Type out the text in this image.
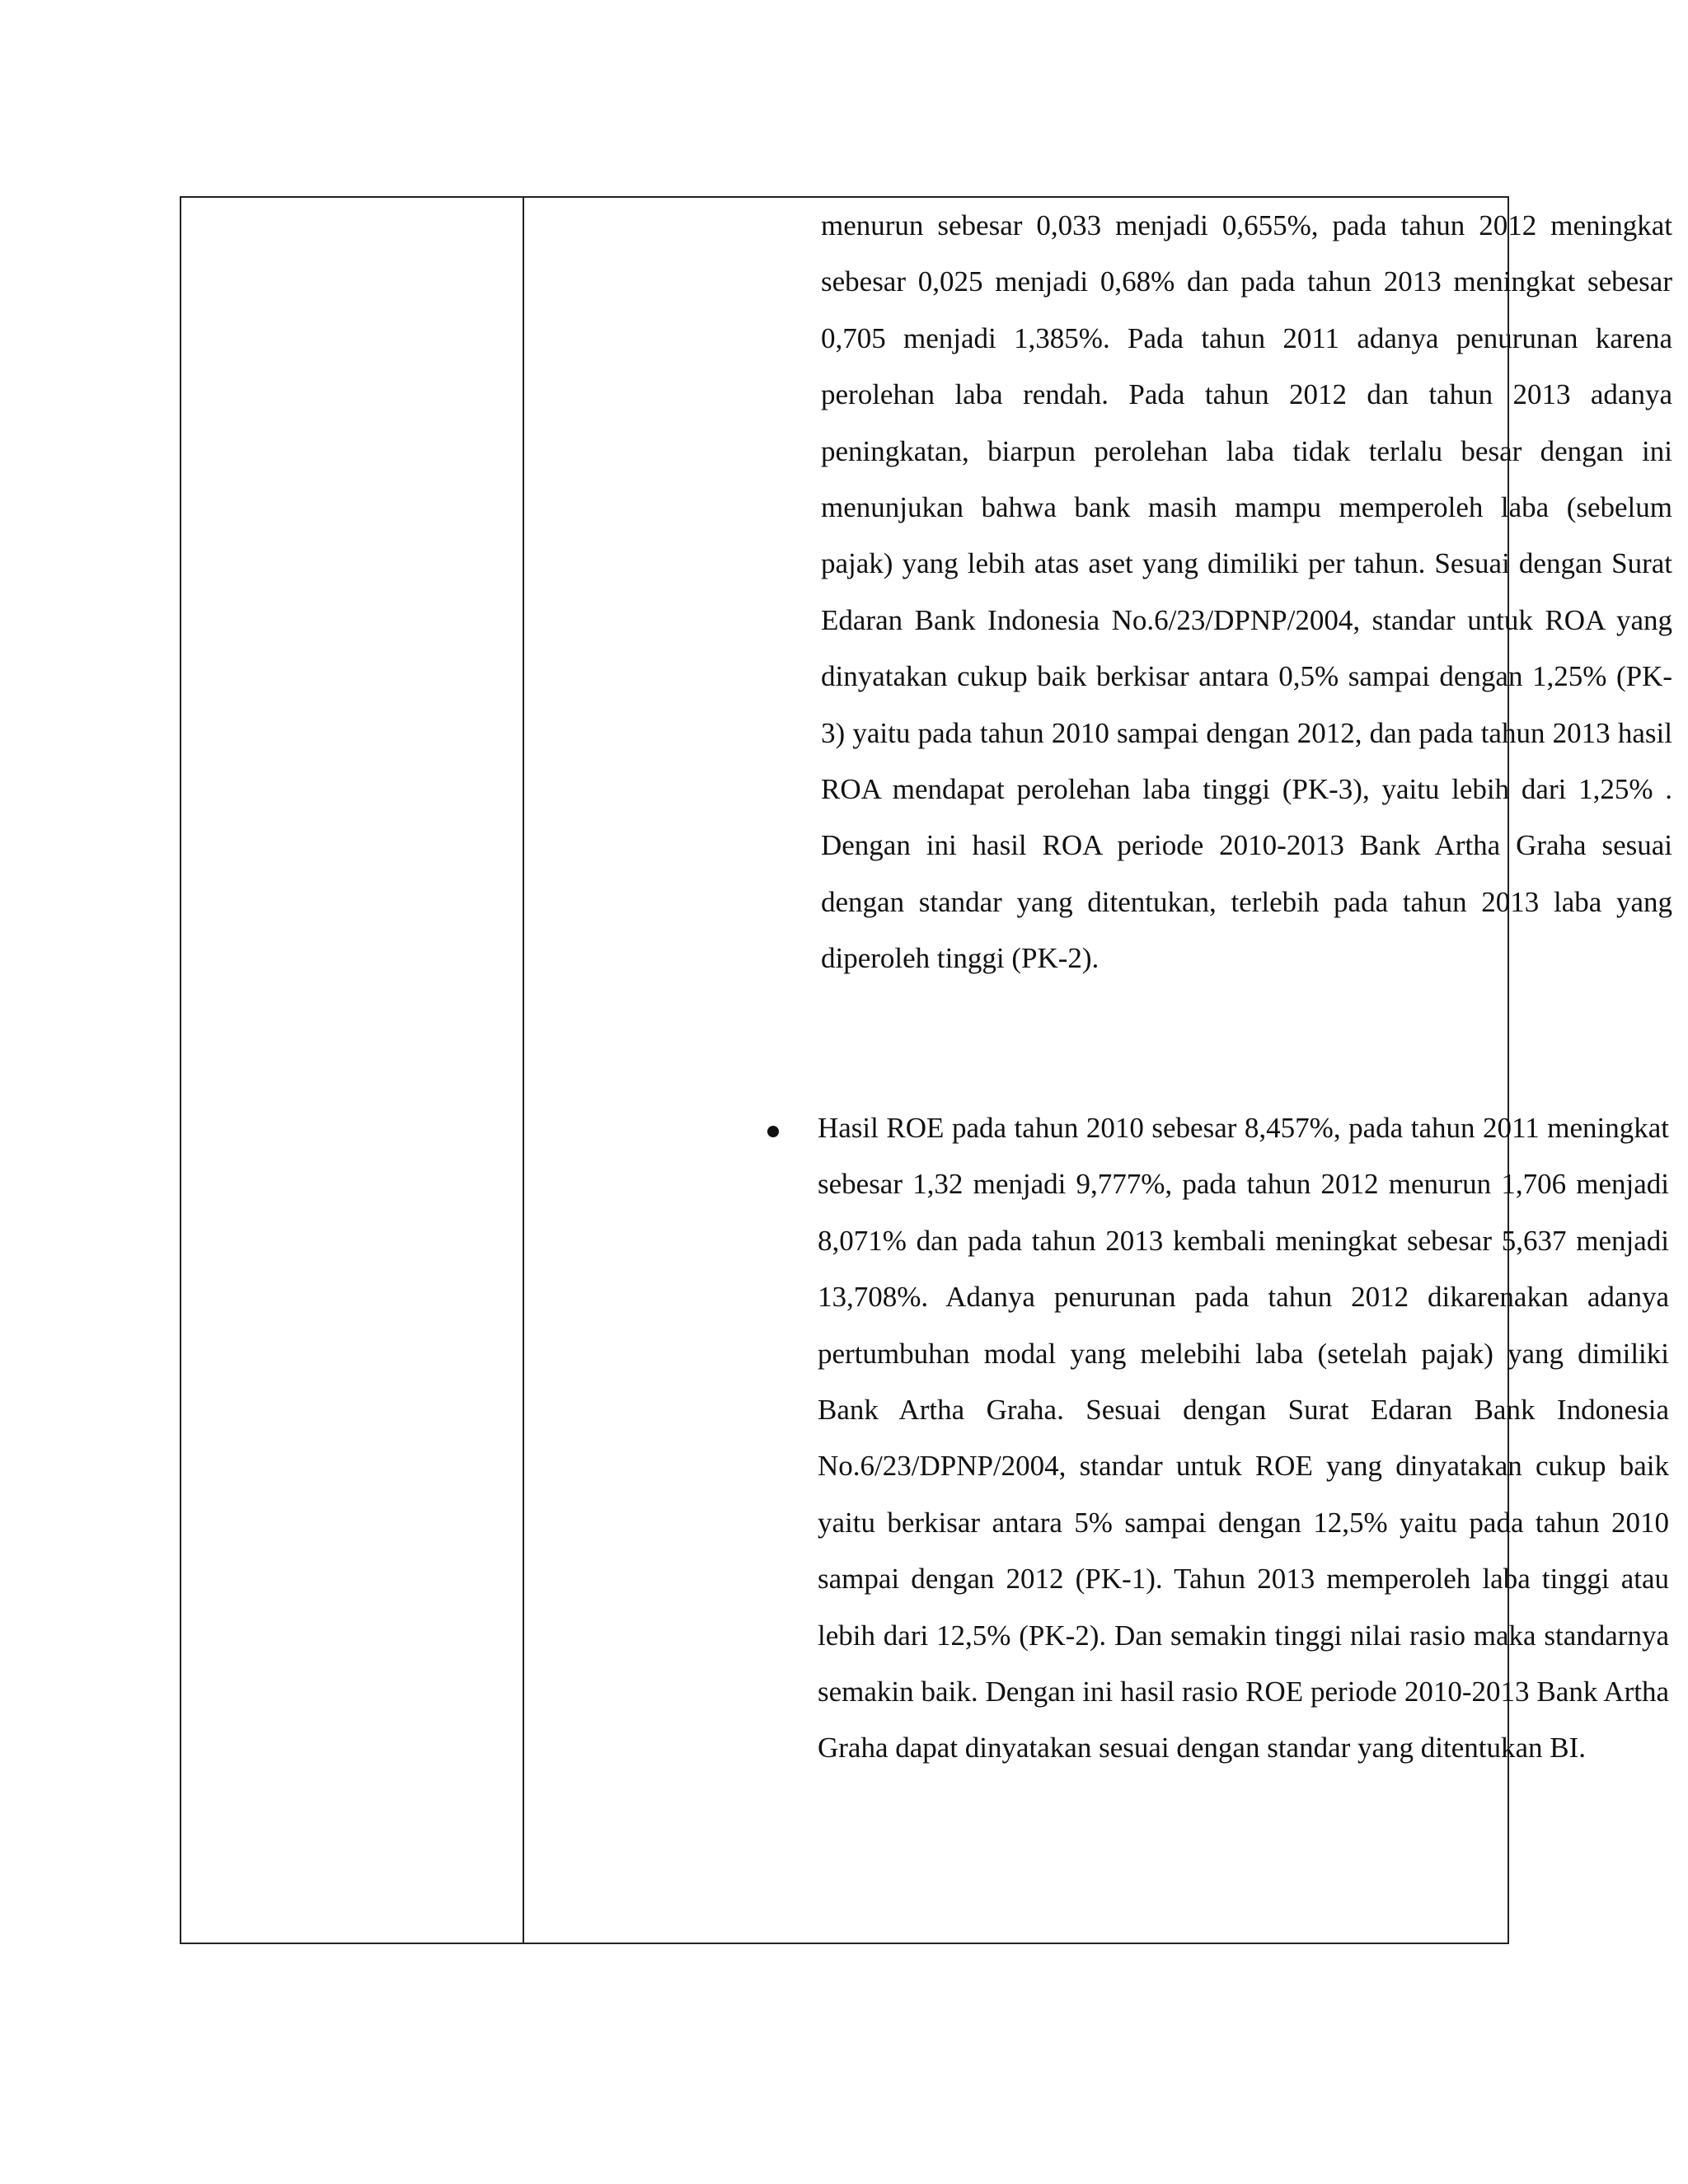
menurun sebesar 0,033 menjadi 0,655%, pada tahun 2012 meningkat sebesar 0,025 menjadi 0,68% dan pada tahun 2013 meningkat sebesar 0,705 menjadi 1,385%. Pada tahun 2011 adanya penurunan karena perolehan laba rendah. Pada tahun 2012 dan tahun 2013 adanya peningkatan, biarpun perolehan laba tidak terlalu besar dengan ini menunjukan bahwa bank masih mampu memperoleh laba (sebelum pajak) yang lebih atas aset yang dimiliki per tahun. Sesuai dengan Surat Edaran Bank Indonesia No.6/23/DPNP/2004, standar untuk ROA yang dinyatakan cukup baik berkisar antara 0,5% sampai dengan 1,25% (PK-3) yaitu pada tahun 2010 sampai dengan 2012, dan pada tahun 2013 hasil ROA mendapat perolehan laba tinggi (PK-3), yaitu lebih dari 1,25% . Dengan ini hasil ROA periode 2010-2013 Bank Artha Graha sesuai dengan standar yang ditentukan, terlebih pada tahun 2013 laba yang diperoleh tinggi (PK-2).

Hasil ROE pada tahun 2010 sebesar 8,457%, pada tahun 2011 meningkat sebesar 1,32 menjadi 9,777%, pada tahun 2012 menurun 1,706 menjadi 8,071% dan pada tahun 2013 kembali meningkat sebesar 5,637 menjadi 13,708%. Adanya penurunan pada tahun 2012 dikarenakan adanya pertumbuhan modal yang melebihi laba (setelah pajak) yang dimiliki Bank Artha Graha. Sesuai dengan Surat Edaran Bank Indonesia No.6/23/DPNP/2004, standar untuk ROE yang dinyatakan cukup baik yaitu berkisar antara 5% sampai dengan 12,5% yaitu pada tahun 2010 sampai dengan 2012 (PK-1). Tahun 2013 memperoleh laba tinggi atau lebih dari 12,5% (PK-2). Dan semakin tinggi nilai rasio maka standarnya semakin baik. Dengan ini hasil rasio ROE periode 2010-2013 Bank Artha Graha dapat dinyatakan sesuai dengan standar yang ditentukan BI.
